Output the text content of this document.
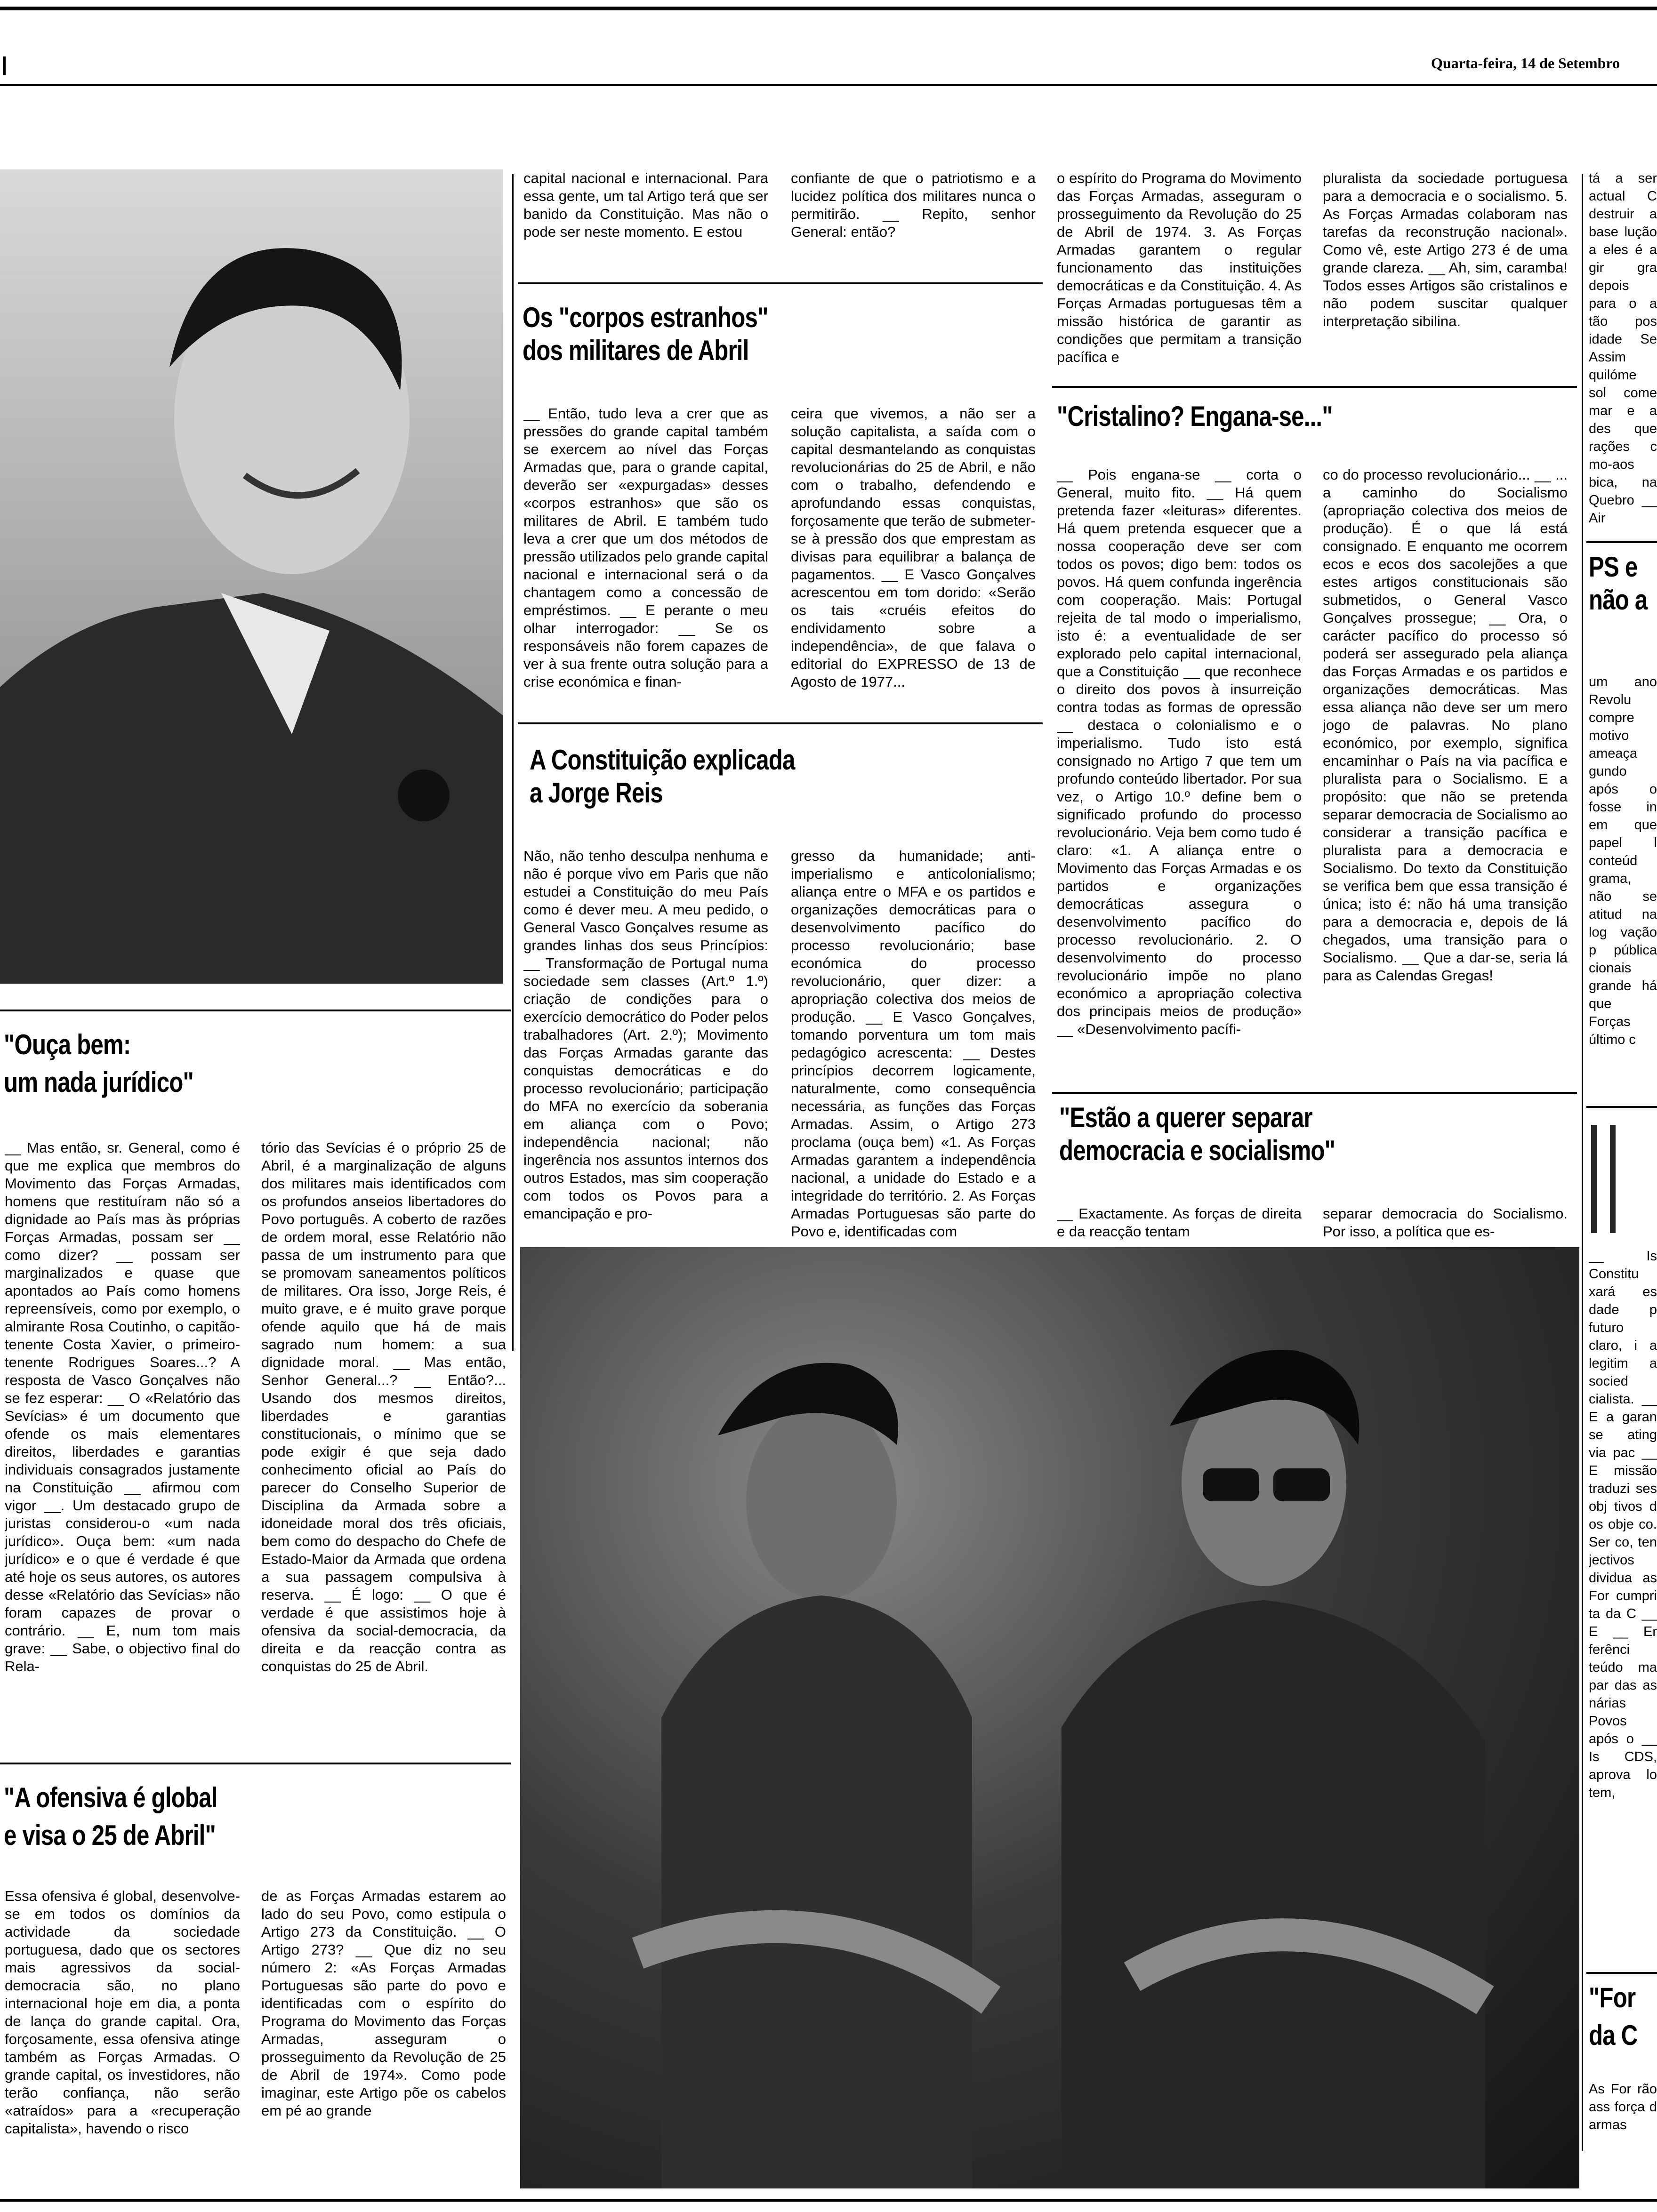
Quarta-feira, 14 de Setembro
capital nacional e internacional. Para essa gente, um tal Artigo terá que ser banido da Constituição. Mas não o pode ser neste momento. E estou
confiante de que o patriotismo e a lucidez política dos militares nunca o permitirão. __ Repito, senhor General: então?
o espírito do Programa do Movimento das Forças Armadas, asseguram o prosseguimento da Revolução do 25 de Abril de 1974. 3. As Forças Armadas garantem o regular funcionamento das instituições democráticas e da Constituição. 4. As Forças Armadas portuguesas têm a missão histórica de garantir as condições que permitam a transição pacífica e
pluralista da sociedade portuguesa para a democracia e o socialismo. 5. As Forças Armadas colaboram nas tarefas da reconstrução nacional». Como vê, este Artigo 273 é de uma grande clareza. __ Ah, sim, caramba! Todos esses Artigos são cristalinos e não podem suscitar qualquer interpretação sibilina.
Os "corpos estranhos"
dos militares de Abril
__ Então, tudo leva a crer que as pressões do grande capital também se exercem ao nível das Forças Armadas que, para o grande capital, deverão ser «expurgadas» desses «corpos estranhos» que são os militares de Abril. E também tudo leva a crer que um dos métodos de pressão utilizados pelo grande capital nacional e internacional será o da chantagem como a concessão de empréstimos. __ E perante o meu olhar interrogador: __ Se os responsáveis não forem capazes de ver à sua frente outra solução para a crise económica e finan-
ceira que vivemos, a não ser a solução capitalista, a saída com o capital desmantelando as conquistas revolucionárias do 25 de Abril, e não com o trabalho, defendendo e aprofundando essas conquistas, forçosamente que terão de submeter-se à pressão dos que emprestam as divisas para equilibrar a balança de pagamentos. __ E Vasco Gonçalves acrescentou em tom dorido: «Serão os tais «cruéis efeitos do endividamento sobre a independência», de que falava o editorial do EXPRESSO de 13 de Agosto de 1977...
"Cristalino? Engana-se..."
__ Pois engana-se __ corta o General, muito fito. __ Há quem pretenda fazer «leituras» diferentes. Há quem pretenda esquecer que a nossa cooperação deve ser com todos os povos; digo bem: todos os povos. Há quem confunda ingerência com cooperação. Mais: Portugal rejeita de tal modo o imperialismo, isto é: a eventualidade de ser explorado pelo capital internacional, que a Constituição __ que reconhece o direito dos povos à insurreição contra todas as formas de opressão __ destaca o colonialismo e o imperialismo. Tudo isto está consignado no Artigo 7 que tem um profundo conteúdo libertador. Por sua vez, o Artigo 10.º define bem o significado profundo do processo revolucionário. Veja bem como tudo é claro: «1. A aliança entre o Movimento das Forças Armadas e os partidos e organizações democráticas assegura o desenvolvimento pacífico do processo revolucionário. 2. O desenvolvimento do processo revolucionário impõe no plano económico a apropriação colectiva dos principais meios de produção» __ «Desenvolvimento pacífi-
co do processo revolucionário... __ ... a caminho do Socialismo (apropriação colectiva dos meios de produção). É o que lá está consignado. E enquanto me ocorrem ecos e ecos dos sacolejões a que estes artigos constitucionais são submetidos, o General Vasco Gonçalves prossegue; __ Ora, o carácter pacífico do processo só poderá ser assegurado pela aliança das Forças Armadas e os partidos e organizações democráticas. Mas essa aliança não deve ser um mero jogo de palavras. No plano económico, por exemplo, significa encaminhar o País na via pacífica e pluralista para o Socialismo. E a propósito: que não se pretenda separar democracia de Socialismo ao considerar a transição pacífica e pluralista para a democracia e Socialismo. Do texto da Constituição se verifica bem que essa transição é única; isto é: não há uma transição para a democracia e, depois de lá chegados, uma transição para o Socialismo. __ Que a dar-se, seria lá para as Calendas Gregas!
A Constituição explicada
a Jorge Reis
Não, não tenho desculpa nenhuma e não é porque vivo em Paris que não estudei a Constituição do meu País como é dever meu. A meu pedido, o General Vasco Gonçalves resume as grandes linhas dos seus Princípios: __ Transformação de Portugal numa sociedade sem classes (Art.º 1.º) criação de condições para o exercício democrático do Poder pelos trabalhadores (Art. 2.º); Movimento das Forças Armadas garante das conquistas democráticas e do processo revolucionário; participação do MFA no exercício da soberania em aliança com o Povo; independência nacional; não ingerência nos assuntos internos dos outros Estados, mas sim cooperação com todos os Povos para a emancipação e pro-
gresso da humanidade; anti-imperialismo e anticolonialismo; aliança entre o MFA e os partidos e organizações democráticas para o desenvolvimento pacífico do processo revolucionário; base económica do processo revolucionário, quer dizer: a apropriação colectiva dos meios de produção. __ E Vasco Gonçalves, tomando porventura um tom mais pedagógico acrescenta: __ Destes princípios decorrem logicamente, naturalmente, como consequência necessária, as funções das Forças Armadas. Assim, o Artigo 273 proclama (ouça bem) «1. As Forças Armadas garantem a independência nacional, a unidade do Estado e a integridade do território. 2. As Forças Armadas Portuguesas são parte do Povo e, identificadas com
"Estão a querer separar
democracia e socialismo"
__ Exactamente. As forças de direita e da reacção tentam
separar democracia do Socialismo. Por isso, a política que es-
"Ouça bem:
um nada jurídico"
__ Mas então, sr. General, como é que me explica que membros do Movimento das Forças Armadas, homens que restituíram não só a dignidade ao País mas às próprias Forças Armadas, possam ser __ como dizer? __ possam ser marginalizados e quase que apontados ao País como homens repreensíveis, como por exemplo, o almirante Rosa Coutinho, o capitão-tenente Costa Xavier, o primeiro-tenente Rodrigues Soares...? A resposta de Vasco Gonçalves não se fez esperar: __ O «Relatório das Sevícias» é um documento que ofende os mais elementares direitos, liberdades e garantias individuais consagrados justamente na Constituição __ afirmou com vigor __. Um destacado grupo de juristas considerou-o «um nada jurídico». Ouça bem: «um nada jurídico» e o que é verdade é que até hoje os seus autores, os autores desse «Relatório das Sevícias» não foram capazes de provar o contrário. __ E, num tom mais grave: __ Sabe, o objectivo final do Rela-
tório das Sevícias é o próprio 25 de Abril, é a marginalização de alguns dos militares mais identificados com os profundos anseios libertadores do Povo português. A coberto de razões de ordem moral, esse Relatório não passa de um instrumento para que se promovam saneamentos políticos de militares. Ora isso, Jorge Reis, é muito grave, e é muito grave porque ofende aquilo que há de mais sagrado num homem: a sua dignidade moral. __ Mas então, Senhor General...? __ Então?... Usando dos mesmos direitos, liberdades e garantias constitucionais, o mínimo que se pode exigir é que seja dado conhecimento oficial ao País do parecer do Conselho Superior de Disciplina da Armada sobre a idoneidade moral dos três oficiais, bem como do despacho do Chefe de Estado-Maior da Armada que ordena a sua passagem compulsiva à reserva. __ É logo: __ O que é verdade é que assistimos hoje à ofensiva da social-democracia, da direita e da reacção contra as conquistas do 25 de Abril.
"A ofensiva é global
e visa o 25 de Abril"
Essa ofensiva é global, desenvolve-se em todos os domínios da actividade da sociedade portuguesa, dado que os sectores mais agressivos da social-democracia são, no plano internacional hoje em dia, a ponta de lança do grande capital. Ora, forçosamente, essa ofensiva atinge também as Forças Armadas. O grande capital, os investidores, não terão confiança, não serão «atraídos» para a «recuperação capitalista», havendo o risco
de as Forças Armadas estarem ao lado do seu Povo, como estipula o Artigo 273 da Constituição. __ O Artigo 273? __ Que diz no seu número 2: «As Forças Armadas Portuguesas são parte do povo e identificadas com o espírito do Programa do Movimento das Forças Armadas, asseguram o prosseguimento da Revolução de 25 de Abril de 1974». Como pode imaginar, este Artigo põe os cabelos em pé ao grande
tá a ser actual C destruir a base lução a eles é a gir gra depois para o a tão pos idade Se Assim quilóme sol come mar e a des que rações c mo-aos bica, na Quebro __ Air
PS e
não a
um ano Revolu compre motivo ameaça gundo após o fosse in em que papel l conteúd grama, não se atitud na log vação p pública cionais grande há que Forças último c
__ Is Constitu xará es dade p futuro claro, i a legitim a socied cialista. __ E a garan se ating via pac __ E missão traduzi ses obj tivos d os obje co. Ser co, ten jectivos dividua as For cumpri ta da C __ E __ Er ferênci teúdo ma par das as nárias Povos após o __ Is CDS, aprova lo tem,
"For
da C
As For rão ass força d armas
